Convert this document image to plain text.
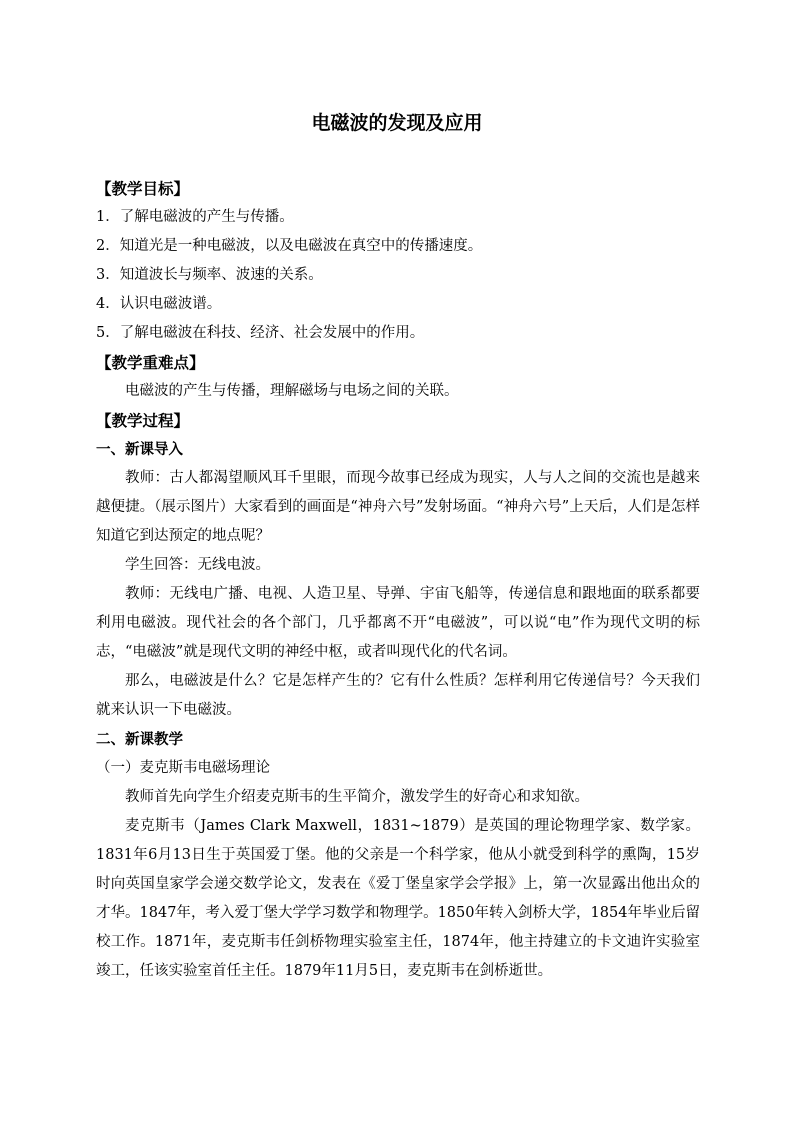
电磁波的发现及应用

【教学目标】

1．了解电磁波的产生与传播。

2．知道光是一种电磁波，以及电磁波在真空中的传播速度。

3．知道波长与频率、波速的关系。

4．认识电磁波谱。

5．了解电磁波在科技、经济、社会发展中的作用。

【教学重难点】

电磁波的产生与传播，理解磁场与电场之间的关联。

【教学过程】

一、新课导入

教师：古人都渴望顺风耳千里眼，而现今故事已经成为现实，人与人之间的交流也是越来越便捷。（展示图片）大家看到的画面是“神舟六号”发射场面。“神舟六号”上天后，人们是怎样知道它到达预定的地点呢？

学生回答：无线电波。

教师：无线电广播、电视、人造卫星、导弹、宇宙飞船等，传递信息和跟地面的联系都要利用电磁波。现代社会的各个部门，几乎都离不开“电磁波”，可以说“电”作为现代文明的标志，“电磁波”就是现代文明的神经中枢，或者叫现代化的代名词。

那么，电磁波是什么？它是怎样产生的？它有什么性质？怎样利用它传递信号？今天我们就来认识一下电磁波。

二、新课教学

（一）麦克斯韦电磁场理论

教师首先向学生介绍麦克斯韦的生平简介，激发学生的好奇心和求知欲。

麦克斯韦（James Clark Maxwell，1831~1879）是英国的理论物理学家、数学家。1831年6月13日生于英国爱丁堡。他的父亲是一个科学家，他从小就受到科学的熏陶，15岁时向英国皇家学会递交数学论文，发表在《爱丁堡皇家学会学报》上，第一次显露出他出众的才华。1847年，考入爱丁堡大学学习数学和物理学。1850年转入剑桥大学，1854年毕业后留校工作。1871年，麦克斯韦任剑桥物理实验室主任，1874年，他主持建立的卡文迪许实验室竣工，任该实验室首任主任。1879年11月5日，麦克斯韦在剑桥逝世。
